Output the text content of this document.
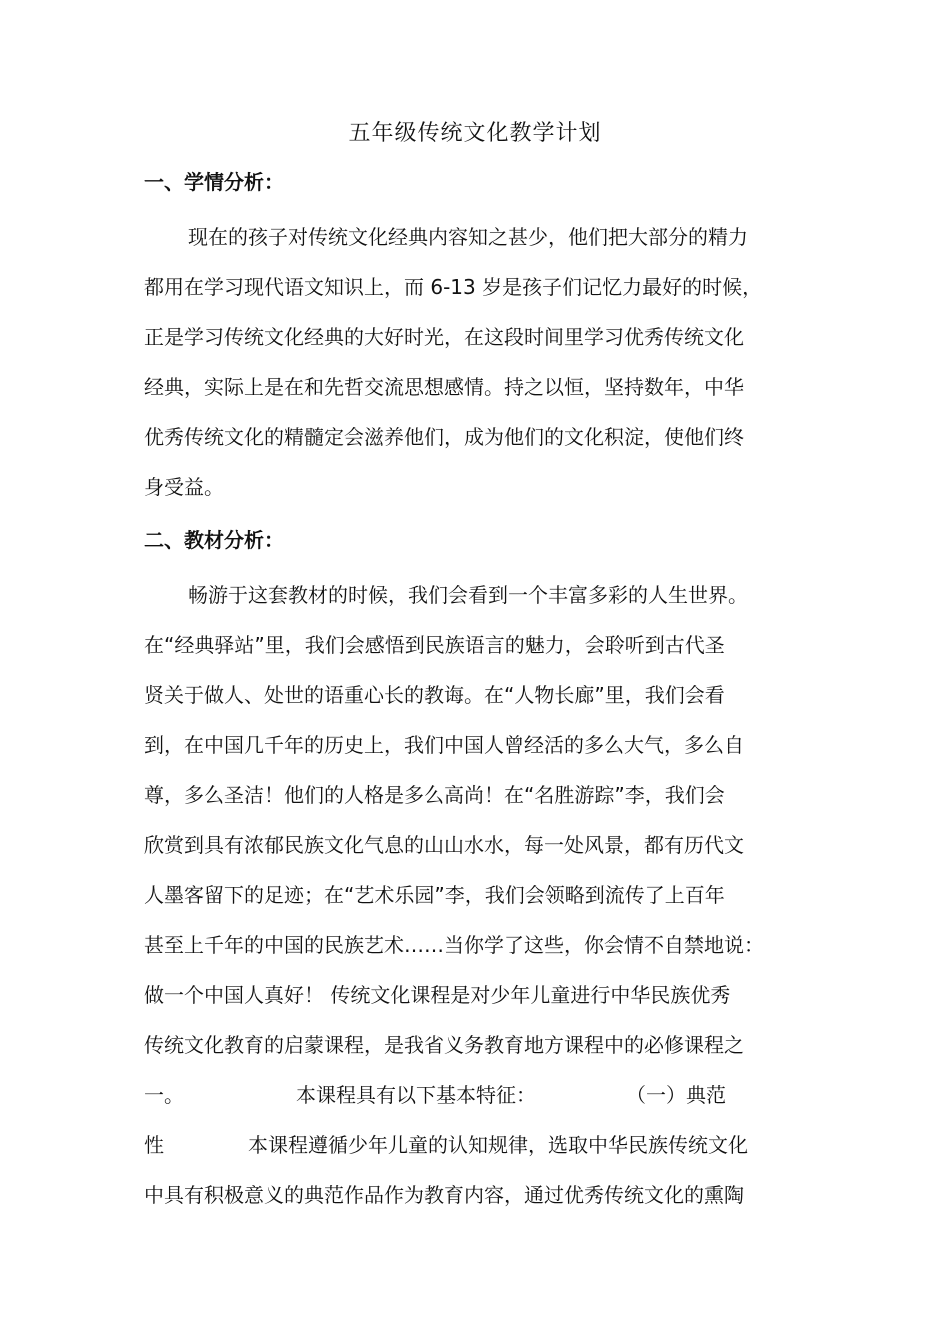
五年级传统文化教学计划
一、学情分析：
现在的孩子对传统文化经典内容知之甚少，他们把大部分的精力
都用在学习现代语文知识上，而 6-13 岁是孩子们记忆力最好的时候，
正是学习传统文化经典的大好时光，在这段时间里学习优秀传统文化
经典，实际上是在和先哲交流思想感情。持之以恒，坚持数年，中华
优秀传统文化的精髓定会滋养他们，成为他们的文化积淀，使他们终
身受益。
二、教材分析：
畅游于这套教材的时候，我们会看到一个丰富多彩的人生世界。
在“经典驿站”里，我们会感悟到民族语言的魅力，会聆听到古代圣
贤关于做人、处世的语重心长的教诲。在“人物长廊”里，我们会看
到，在中国几千年的历史上，我们中国人曾经活的多么大气，多么自
尊，多么圣洁！他们的人格是多么高尚！在“名胜游踪”李，我们会
欣赏到具有浓郁民族文化气息的山山水水，每一处风景，都有历代文
人墨客留下的足迹；在“艺术乐园”李，我们会领略到流传了上百年
甚至上千年的中国的民族艺术……当你学了这些，你会情不自禁地说：
做一个中国人真好！ 传统文化课程是对少年儿童进行中华民族优秀
传统文化教育的启蒙课程，是我省义务教育地方课程中的必修课程之
一。	本课程具有以下基本特征：	（一）典范
性	本课程遵循少年儿童的认知规律，选取中华民族传统文化
中具有积极意义的典范作品作为教育内容，通过优秀传统文化的熏陶
